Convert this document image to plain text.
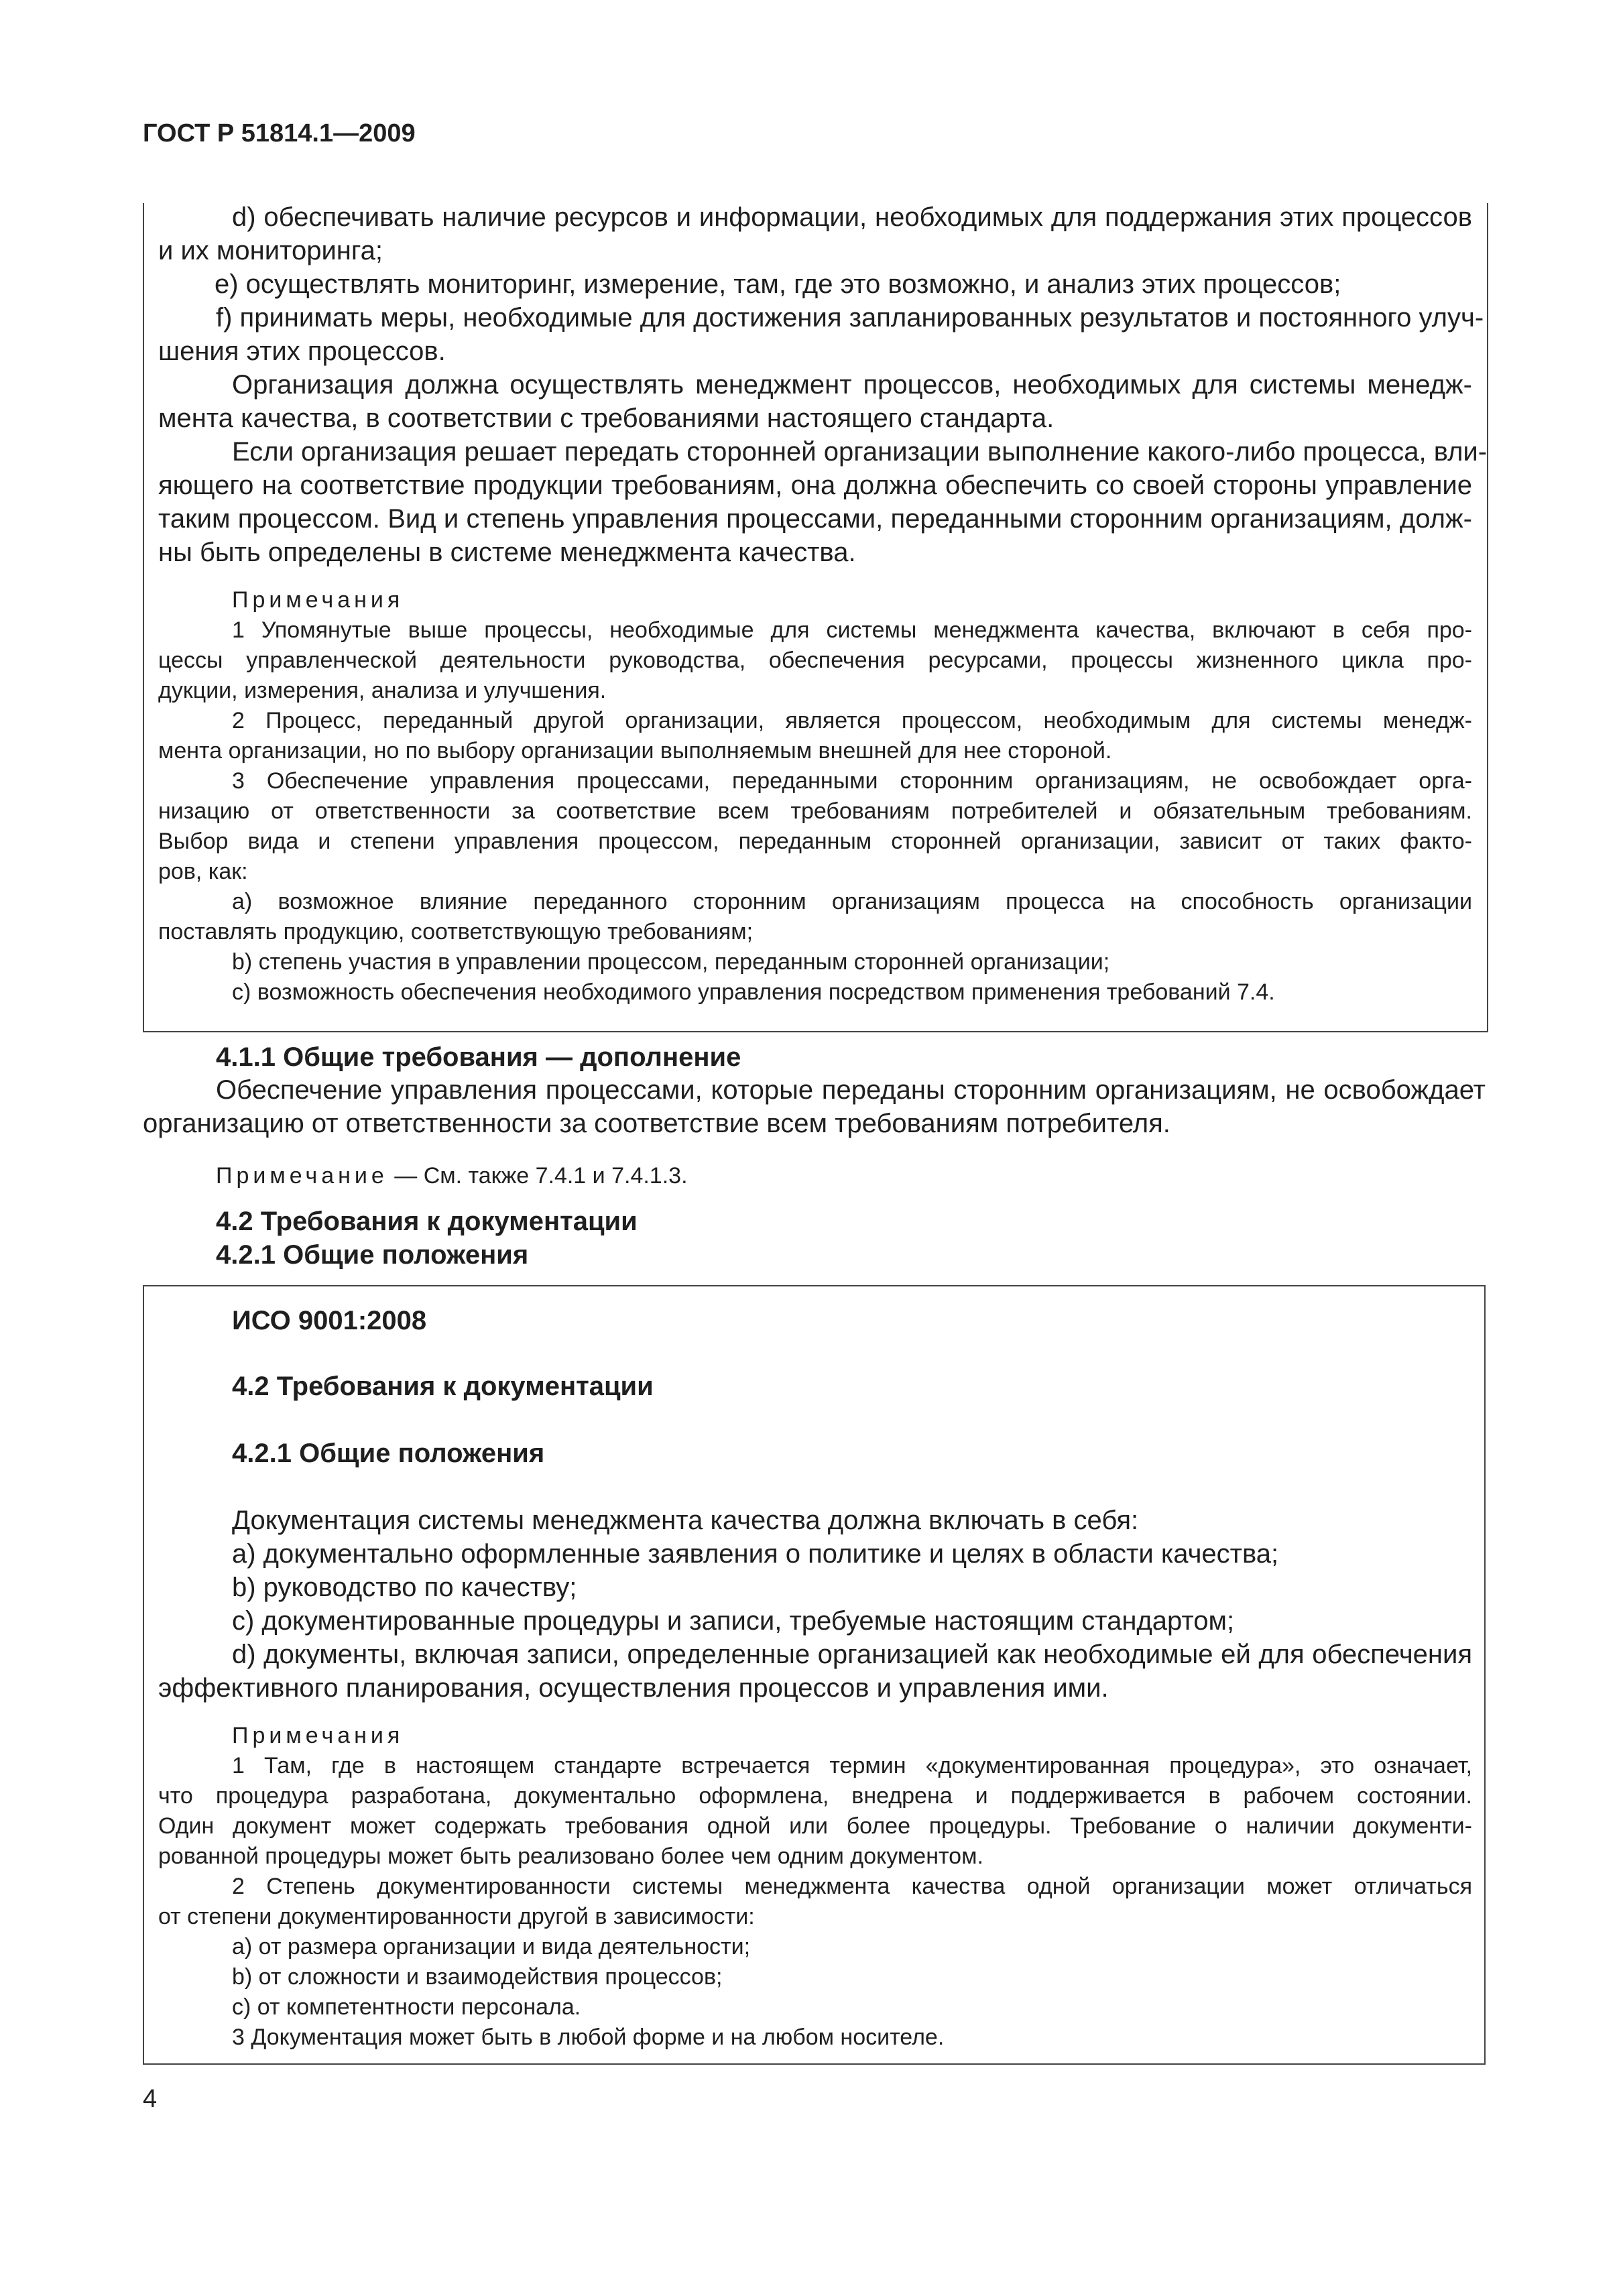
ГОСТ Р 51814.1—2009
d) обеспечивать наличие ресурсов и информации, необходимых для поддержания этих процессов
и их мониторинга;
e) осуществлять мониторинг, измерение, там, где это возможно, и анализ этих процессов;
f) принимать меры, необходимые для достижения запланированных результатов и постоянного улуч-
шения этих процессов.
Организация должна осуществлять менеджмент процессов, необходимых для системы менедж-
мента качества, в соответствии с требованиями настоящего стандарта.
Если организация решает передать сторонней организации выполнение какого-либо процесса, вли-
яющего на соответствие продукции требованиям, она должна обеспечить со своей стороны управление
таким процессом. Вид и степень управления процессами, переданными сторонним организациям, долж-
ны быть определены в системе менеджмента качества.
Примечания
1 Упомянутые выше процессы, необходимые для системы менеджмента качества, включают в себя про-
цессы управленческой деятельности руководства, обеспечения ресурсами, процессы жизненного цикла про-
дукции, измерения, анализа и улучшения.
2 Процесс, переданный другой организации, является процессом, необходимым для системы менедж-
мента организации, но по выбору организации выполняемым внешней для нее стороной.
3 Обеспечение управления процессами, переданными сторонним организациям, не освобождает орга-
низацию от ответственности за соответствие всем требованиям потребителей и обязательным требованиям.
Выбор вида и степени управления процессом, переданным сторонней организации, зависит от таких факто-
ров, как:
а) возможное влияние переданного сторонним организациям процесса на способность организации
поставлять продукцию, соответствующую требованиям;
b) степень участия в управлении процессом, переданным сторонней организации;
c) возможность обеспечения необходимого управления посредством применения требований 7.4.
4.1.1 Общие требования — дополнение
Обеспечение управления процессами, которые переданы сторонним организациям, не освобождает
организацию от ответственности за соответствие всем требованиям потребителя.
Примечание — См. также 7.4.1 и 7.4.1.3.
4.2 Требования к документации
4.2.1 Общие положения
ИСО 9001:2008
4.2 Требования к документации
4.2.1 Общие положения
Документация системы менеджмента качества должна включать в себя:
а) документально оформленные заявления о политике и целях в области качества;
b) руководство по качеству;
c) документированные процедуры и записи, требуемые настоящим стандартом;
d) документы, включая записи, определенные организацией как необходимые ей для обеспечения
эффективного планирования, осуществления процессов и управления ими.
Примечания
1 Там, где в настоящем стандарте встречается термин «документированная процедура», это означает,
что процедура разработана, документально оформлена, внедрена и поддерживается в рабочем состоянии.
Один документ может содержать требования одной или более процедуры. Требование о наличии документи-
рованной процедуры может быть реализовано более чем одним документом.
2 Степень документированности системы менеджмента качества одной организации может отличаться
от степени документированности другой в зависимости:
а) от размера организации и вида деятельности;
b) от сложности и взаимодействия процессов;
c) от компетентности персонала.
3 Документация может быть в любой форме и на любом носителе.
4
